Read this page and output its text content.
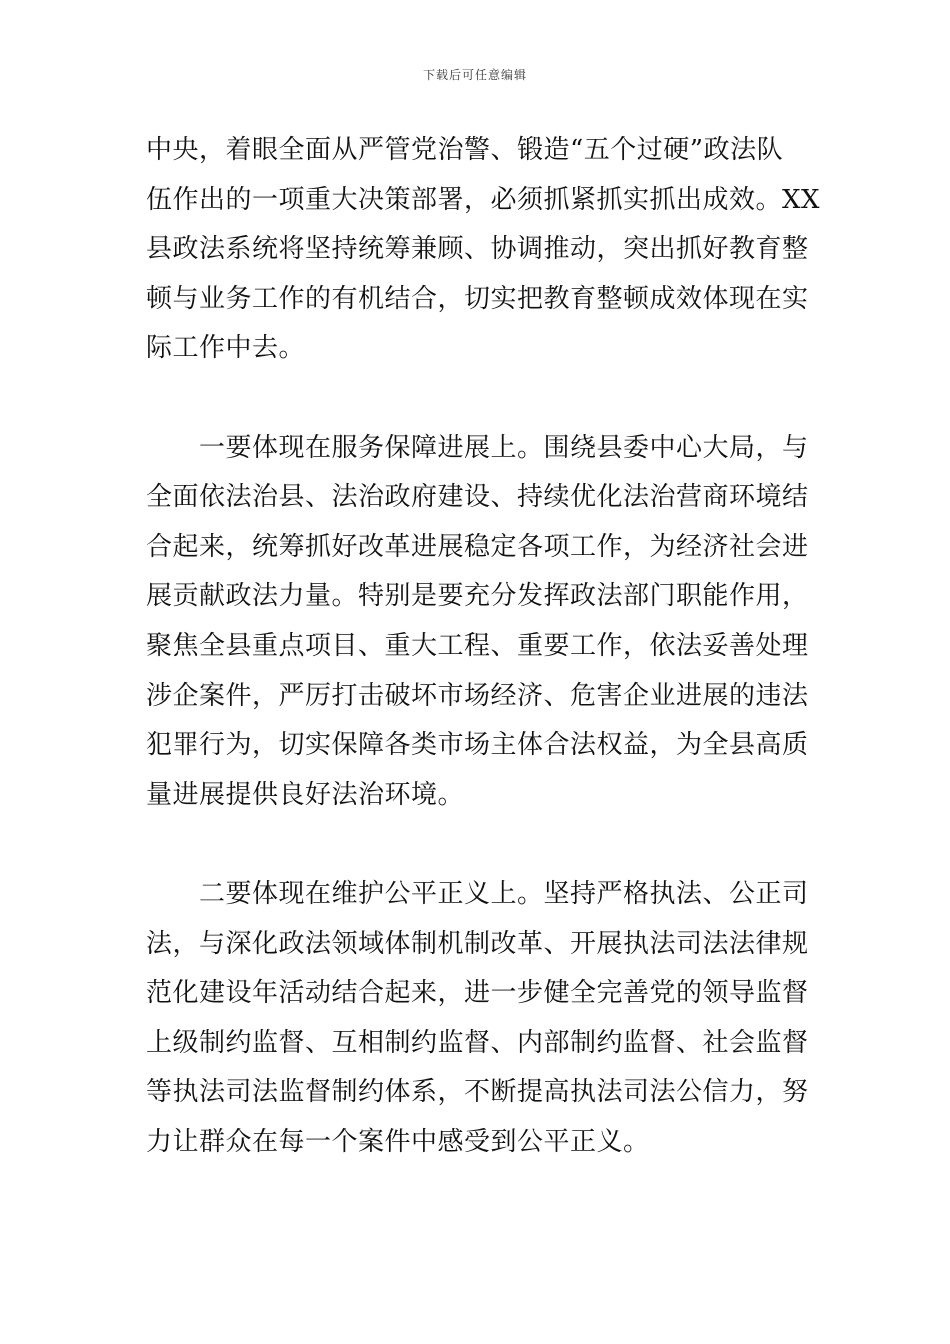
下载后可任意编辑
中央，着眼全面从严管党治警、锻造“五个过硬”政法队
伍作出的一项重大决策部署，必须抓紧抓实抓出成效。XX
县政法系统将坚持统筹兼顾、协调推动，突出抓好教育整
顿与业务工作的有机结合，切实把教育整顿成效体现在实
际工作中去。
　　一要体现在服务保障进展上。围绕县委中心大局，与
全面依法治县、法治政府建设、持续优化法治营商环境结
合起来，统筹抓好改革进展稳定各项工作，为经济社会进
展贡献政法力量。特别是要充分发挥政法部门职能作用，
聚焦全县重点项目、重大工程、重要工作，依法妥善处理
涉企案件，严厉打击破坏市场经济、危害企业进展的违法
犯罪行为，切实保障各类市场主体合法权益，为全县高质
量进展提供良好法治环境。
　　二要体现在维护公平正义上。坚持严格执法、公正司
法，与深化政法领域体制机制改革、开展执法司法法律规
范化建设年活动结合起来，进一步健全完善党的领导监督
上级制约监督、互相制约监督、内部制约监督、社会监督
等执法司法监督制约体系，不断提高执法司法公信力，努
力让群众在每一个案件中感受到公平正义。
